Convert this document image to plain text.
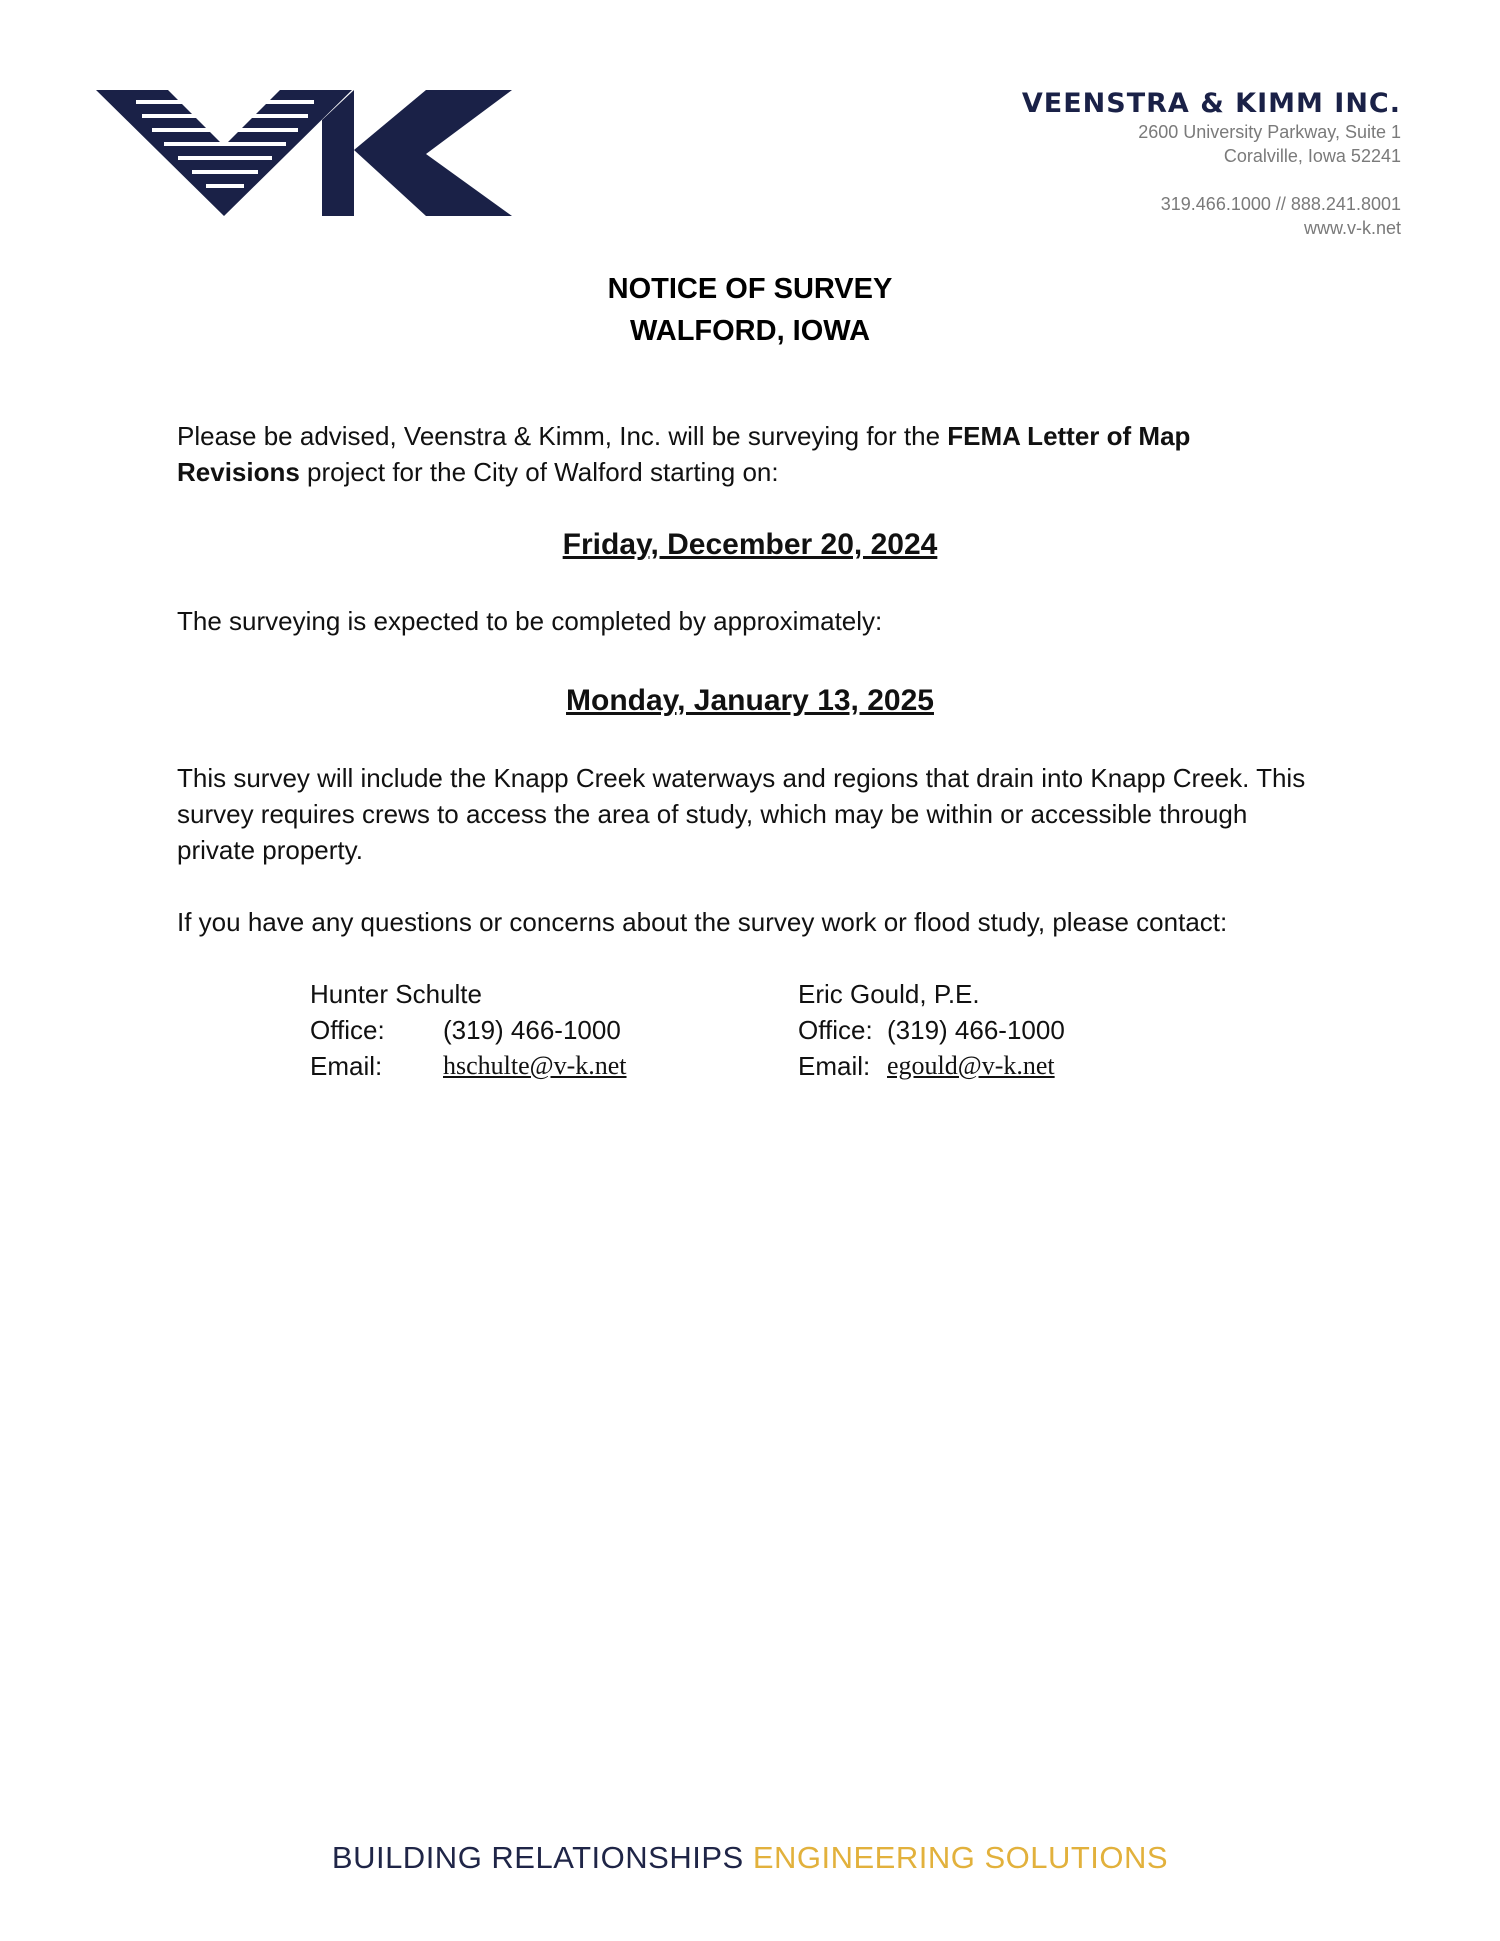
VEENSTRA & KIMM INC.
2600 University Parkway, Suite 1
Coralville, Iowa 52241
319.466.1000 // 888.241.8001
www.v-k.net
NOTICE OF SURVEY
WALFORD, IOWA
Please be advised, Veenstra & Kimm, Inc. will be surveying for the FEMA Letter of Map Revisions project for the City of Walford starting on:
Friday, December 20, 2024
The surveying is expected to be completed by approximately:
Monday, January 13, 2025
This survey will include the Knapp Creek waterways and regions that drain into Knapp Creek. This survey requires crews to access the area of study, which may be within or accessible through private property.
If you have any questions or concerns about the survey work or flood study, please contact:
Hunter Schulte
Office:	(319) 466-1000
Email:	hschulte@v-k.net
Eric Gould, P.E.
Office: (319) 466-1000
Email: egould@v-k.net
BUILDING RELATIONSHIPS ENGINEERING SOLUTIONS
